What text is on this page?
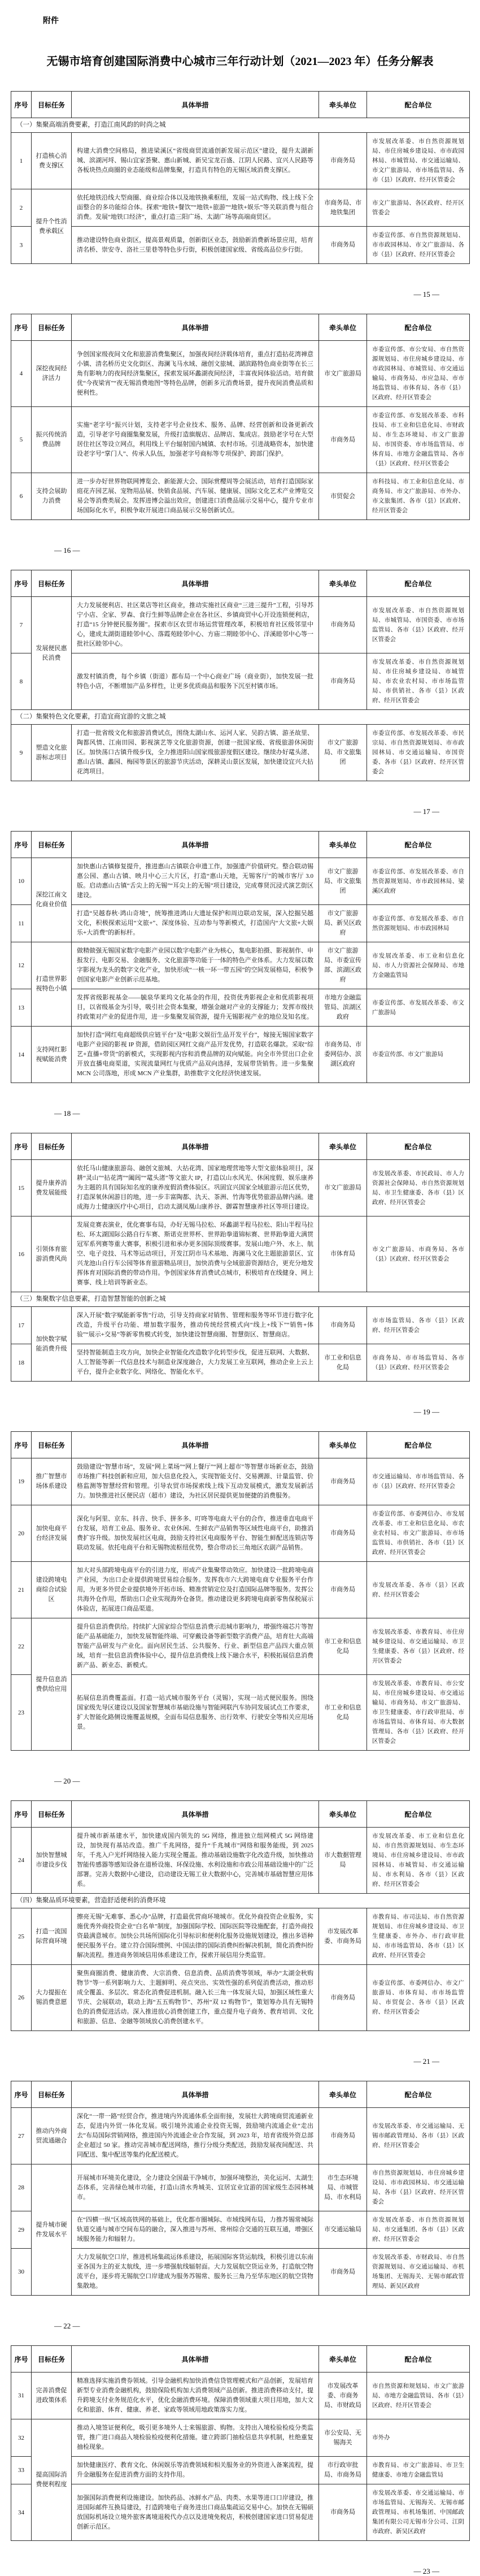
附件
无锡市培育创建国际消费中心城市三年行动计划（2021—2023 年）任务分解表
序号	目标任务	具体举措	牵头单位	配合单位
（一）集聚高端消费要素，打造江南风韵的时尚之城				
1	打造核心消费支撑区	构建大消费空间格局，推进梁溪区“省级商贸流通创新发展示范区”建设，提升太湖新城、滨湖河埒、锡山宜家荟聚、惠山新城、新吴宝龙百盛、江阴人民路、宜兴人民路等各板块热点商圈的业态能级和品牌集聚，打造具有特色的无锡区域消费支撑区。	市商务局	市发展改革委、市自然资源规划局、市住房城乡建设局、市市政园林局、市城管局、市交通运输局、市文广旅游局、市市场监管局、各市（县）区政府、经开区管委会
2	提升个性消费承载区	依托地铁沿线大型商圈、商业综合体以及地铁换乘枢纽，发展一站式购物、线上线下全面整合的多功能综合体。探索“地铁+餐饮”“地铁+旅游”“地铁+娱乐”等关联消费与组合消费。发展“地铁口经济”，重点打造三阳广场、太湖广场等高端商贸区。	市商务局、市地铁集团	市文广旅游局、各区政府、经开区管委会
3		推动建设特色商业街区，提高景观质量，创新街区业态，鼓励新消费新场景应用，培育清名桥、崇安寺、洛社三里巷等特色步行街，积极创建国家级、省级高品位步行街。	市商务局	市委宣传部、市自然资源规划局、市市政园林局、市文广旅游局、各市（县）区政府、经开区管委会
— 15 —
序号	目标任务	具体举措	牵头单位	配合单位
4	深挖夜间经济活力	争创国家级夜间文化和旅游消费集聚区，加强夜间经济载体培育，重点打造拈花湾禅意小镇、清名桥历史文化街区、海澜飞马水域、融创文旅城、湖滨路特色商业街等在长三角有影响力的夜间经济集聚区，探索发展环蠡湖夜间经济，丰富夜间体验活动。培育做优“今夜梁宵”“夜无锡消费地图”等特色品牌，创新多元消费场景，提升夜间消费品质和便利性。	市文广旅游局	市委宣传部、市公安局、市自然资源规划局、市住房城乡建设局、市市政园林局、市城管局、市交通运输局、市商务局、市应急局、市市场监管局、市体育局、各市（县）区政府、经开区管委会
5	振兴传统消费品牌	实施“老字号”振兴计划，支持老字号企业技术、服务、品牌、经营创新和设备更新改造，引导老字号商圈集聚发展，升级打造旗舰店、品牌店、集成店。鼓励老字号在大型居住社区等设立网点，利用线上平台辐射国内城镇、农村市场。引进战略资本，加快建设老字号“掌门人”、传承人队伍，加强老字号商标等专项保护、跨部门保护。	市商务局	市委宣传部、市发展改革委、市科技局、市工业和信息化局、市财政局、市生态环境局、市文广旅游局、市国资委、市市场监管局、市体育局、市地方金融监管局、各市（县）区政府、经开区管委会
6	支持会展助力消费	进一步办好世界物联网博览会、新能源大会、国际赏樱周等会展活动，培育打造国际家庭花卉园艺展、宠物用品展、快销食品展、汽车展、健康展、国际文化艺术产业博览交易会等消费类展会。发挥进博会溢出效应，创建进口消费品展示交易中心，提升专业市场国际化水平，积极争取开展进口商品展示交易创新试点。	市贸促会	市科技局、市工业和信息化局、市商务局、市文广旅游局、市外办、市文旅集团、各市（县）区政府、经开区管委会
— 16 —
序号	目标任务	具体举措	牵头单位	配合单位
7	发展便民惠民消费	大力发展便利店、社区菜店等社区商业，推动实施社区商业“三进三提升”工程，引导苏宁小店、全家、罗森、食行生鲜等品牌企业在各社区、乡镇商贸中心开设连锁便利店，打造“15 分钟便民服务圈”。探索市区农贸市场运营管理改革，积极培育社区级邻里中心，建成太湖街道睦邻中心、落霞苑睦邻中心、方庙二期睦邻中心、洋溪睦邻中心等一批社区睦邻中心。	市商务局	市发展改革委、市自然资源规划局、市城管局、市国资委、市市场监管局、各市（县）区政府、经开区管委会
8		激发村镇消费，每个乡镇（街道）都布局一个中心商业广场（商业街），加快发展一批特色小店，不断增加产品多样性，让更多优质商品和服务下沉至村镇市场。	市商务局	市发展改革委、市自然资源规划局、市住房城乡建设局、市城管局、市农业农村局、市市场监管局、市供销社、各市（县）区政府、经开区管委会
（二）集聚特色文化要素，打造宜商宜游的文旅之城				
9	塑造文化旅游标志项目	打造一批省级文化和旅游消费试点，围绕太湖山水、运河人家、吴韵古镇、游圣故里、陶都风情、江南田园、影视演艺等文化旅游资源，创建一批国家级、省级旅游休闲街区。加快荡口古镇升级步伐，全力推进阳山国家级旅游度假区建设。继续办好鼋头渚、惠山古镇、蠡园、梅园等景区的旅游节庆活动，深耕灵山景区发展，加快建设宜兴大拈花湾项目。	市文广旅游局、市文旅集团	市委宣传部、市发展改革委、市民宗局、市自然资源规划局、市市政园林局、市交通运输局、市国资委、各市（县）区政府、经开区管委会
— 17 —
序号	目标任务	具体举措	牵头单位	配合单位
10	深挖江南文化商业价值	加快惠山古镇修复提升，推进惠山古镇联合申遗工作，加强遗产价值研究。整合联动锡惠公园、惠山古镇、映月中心三大片区，打造“惠山天地，无锡客厅”的城市客厅 3.0 版。启动惠山古镇“舌尖上的无锡”“耳尖上的无锡”项目建设，完成尊贤沉浸式演艺街区建设。	市文广旅游局、市文旅集团	市委宣传部、市发展改革委、市自然资源规划局、市市政园林局、梁溪区政府
11		打造“吴越春秋·鸿山奇境”，统筹推进鸿山大遗址保护和周边联动发展，深入挖掘吴越文化，积极探索运用“文旅+”、深度体验、互动参与等新模式，打造国内“大文旅+大娱乐+大消费”的新标杆。	市文广旅游局、新吴区政府	市委宣传部、市发展改革委、市自然资源规划局、市市政园林局
12	打造世界影视特色小镇	做精做强无锡国家数字电影产业园以数字电影产业为核心，集电影拍摄、影视制作、申报发行、电影交易、金融服务、文化旅游等功能于一体的特色产业体系。大力发展以数字影视为龙头的数字文化产业，加快形成“一核一环一带五园”的空间发展格局，积极争创国家电影产业创新示范基地。	市文广旅游局、市委宣传部、滨湖区政府	市发展改革委、市工业和信息化局、市人力资源社会保障局、市地方金融监管局
13		发挥省级影视基金——毓泉华莱坞文化基金的作用，投资优秀影视企业和优质影视项目，以省级基金为引导，吸引社会资本集聚，增强金融对产业的支撑能力；发挥市级扶持政策对产业的促进作用，进一步集聚发展资源，提升无锡影视产业的地位及知名度。	市地方金融监管局、滨湖区政府	市委宣传部、市发展改革委、市文广旅游局
14	支持网红影视赋能消费	加快打造“网红电商超级供应链平台”及“电影文娱衍生品开发平台”，嫁接无锡国家数字电影产业园的影视 IP 资源，借助园区网红文商产品开发优势，打造联名爆款。采取“综艺+直播+带货”的新模式，实现影视内容和消费品牌的双向赋能。向全市外贸出口企业开放直播电商渠道，实现流量网红与优质产品双向选择，发展带货销售。进一步集聚 MCN 公司落地，形成 MCN 产业集群，助推数字文化经济快速发展。	市商务局、市委网信办、滨湖区政府	市委宣传部、市文广旅游局
— 18 —
序号	目标任务	具体举措	牵头单位	配合单位
15	提升康养消费发展能级	依托马山健康旅游岛、融创文旅城、大拈花湾、国家地理营地等大型文旅体验项目，深耕“灵山”“拈花湾”“阖闾”“鼋头渚”等文旅大 IP，打造以山水风光、休闲度假、娱乐康养为主题的具有国际知名度的康养度假消费体验区。巩固宜兴国家全域旅游示范区优势，打造深氧休闲游目的地，进一步丰富陶都、氿天、茶洲、竹海等优势旅游品牌内涵。建成海力士健康医疗中心项目，启动太湖凤凰山康养谷、御霖智慧康养社区等项目建设。	市文广旅游局	市发展改革委、市民政局、市人力资源社会保障局、市自然资源规划局、市卫生健康委、各市（县）区政府、经开区管委会
16	引领体育旅游消费风尚	发展竞赛表演业，优化赛事布局，办好无锡马拉松、环蠡湖半程马拉松、阳山半程马拉松、环太湖国际公路自行车赛、斯诺克世界杯、世界跆拳道锦标赛、世界跆拳道大满贯冠军系列赛等重大赛事，积极引进和承办更多国际顶级赛事。发展山地户外、水上、航空、电子竞技、马术等运动项目，开发江阴市马术基地、海澜马文化主题旅游景区、宜兴龙池山自行车公园等体育旅游精品项目，加快消费与全域旅游资源结合，更充分地发挥体育对国际消费的带动作用。争创国家体育消费试点城市，积极培育在线健身、网上赛事、线上培训等新业态。	市体育局	市文广旅游局、市商务局、各市（县）区政府、经开区管委会
（三）集聚数字信息要素，打造智慧智能的创新之城				
17	加快数字赋能消费升级	深入开展“数字赋能新零售”行动，引导支持商家对销售、管理和服务等环节进行数字化改造，升级平台功能、增加数字服务，推动传统经营模式向“线上+线下”“销售+体验”“展示+交易”等新零售模式转变，加快建设智慧商圈、智慧街区、智慧商店。	市商务局	市市场监管局、各市（县）区政府、经开区管委会
18		坚持智能制造主攻方向，加快企业智能化改造数字化转型步伐，促进互联网、大数据、人工智能等新一代信息技术与制造业深度融合，大力发展工业互联网，推动企业上云上平台，提升企业数字化、网络化、智能化水平。	市工业和信息化局	市商务局、市市场监管局、各市（县）区政府、经开区管委会
— 19 —
序号	目标任务	具体举措	牵头单位	配合单位
19	推广智慧市场体系建设	鼓励建设“智慧市场”，发展“网上菜场”“网上餐厅”“网上超市”等智慧市场新业态，鼓励市场推广科技创新和应用，加大信息化投入，实现智能支付、交易溯源、计量监管、价格监测等智慧经营和管理。引导农贸市场探索线上线下互动发展模式，激发发展新活力。加快推进社区便民店（超市）建设，为社区居民提供更加便捷的消费服务。	市商务局	市交通运输局、市市场监管局、各市（县）区政府、经开区管委会
20	加快电商平台经济发展	深化与阿里、京东、抖音、快手、拼多多、叮咚等电商大平台的合作，推进垂直电商平台发展，培育工业品、服务业、农业休闲、生鲜农产品销售等区域性电商平台，助推消费扩容升级。加快发展社区电商，鼓励支持社区电商服务平台、智能生鲜配送连锁店等联动发展。依托电商平台和无锡物流枢纽优势，整合带动长三角地区农副产品销售。	市商务局	市委宣传部、市委网信办、市发展改革委、市工业和信息化局、市农业农村局、市文广旅游局、市市场监管局、市供销社、各市（县）区政府、经开区管委会
21	建设跨境电商综合试验区	加大对头部跨境电商平台的引进力度，形成产业集聚带动效应。加快建设一批跨境电商产业园，为出口企业提供跨境贸易综合服务。发挥我市六大跨境电商专业服务平台作用，为更多外贸企业提供境外开拓市场、精准营销定位及打造国际品牌等服务。发挥公共海外仓作用，帮助出口企业实现海外仓备货。推动建设更多跨境电商新零售保税展示体验店，拓展进口商品渠道。	市商务局	市发展改革委、各市（县）区政府、经开区管委会
22	提升信息消费供给应用	提升信息消费供给。持续扩大国家综合型信息消费示范城市影响力，增强终端芯片等智能产品基础能力，加快发展智能终端、可穿戴设备等新型数字消费产品，培育壮大高端智能产品研发与产业化。面向居民生活、公共服务、行业、新型信息产品四大重点领域，培育一批信息消费体验中心，提升信息消费线上线下融合水平，积极拓展信息消费新产品、新业态、新模式。	市工业和信息化局	市发展改革委、市教育局、市住房城乡建设局、市交通运输局、市卫生健康委、各市（县）区政府、经开区管委会
23		拓展信息消费覆盖面。打造一站式城市服务平台（灵锡），实现一站式便民服务。围绕国家级先导区建设以及国家智慧城市基础设施与智能网联汽车协同发展试点工作要求，扩大智能化路侧设施覆盖规模，全面布局信息服务、出行效率、行驶安全等相关应用场景。	市工业和信息化局	市发展改革委、市教育局、市公安局、市住房城乡建设局、市交通运输局、市商务局、市文广旅游局、市卫生健康委、市行政审批局、市市场监管局、市体育局、市大数据管理局、各市（县）区政府、经开区管委会
— 20 —
序号	目标任务	具体举措	牵头单位	配合单位
24	加快智慧城市建设步伐	提升城市新基建水平，加快建成国内领先的 5G 网络，推进独立组网模式 5G 网络建设，加快现有基站改造。推广千兆网络，提升“千兆城市”网络和服务能级，到 2025 年，千兆入户光纤网络接入能力实现全覆盖。推动基础设施数字化改造升级，加快推动智能传感器等感知设备在道桥设施、环保设施、水利设施和市政公用基础设施中的广泛部署。完善大数据中心建设，启动建设无锡工业大数据中心，完善城市基础智慧应用体系。	市大数据管理局	市发展改革委、市工业和信息化局、市自然资源规划局、市生态环境局、市住房城乡建设局、市市政园林局、市城管局、市交通运输局、市水利局、各市（县）区政府、经开区管委会
（四）集聚品质环境要素，营造舒适便利的消费环境				
25	打造一流国际营商环境	擦亮无锡“无难事、悉心办”品牌，打造最优营商环境城市。优化外商投资企业服务，实施优秀外商投资企业“白名单”制度，加强国际学校、国际医院等设施配套，打造外商投资最满意城市。加快公共场所国际化引导标识和便利化服务设施规划建设，推出多语种便民服务平台。建立符合国际惯例、中国法律的国际消费纠纷解决机制，简化消费纠纷解决流程。推进商务领域信用体系建设工作，探索开展信用分类监管。	市发展改革委、市商务局	市教育局、市司法局、市自然资源规划局、市住房城乡建设局、市卫生健康委、市外办、市行政审批局、市市场监管局、各市（县）区政府、经开区管委会
26	大力提振在锡消费意愿	聚焦商圈消费、健康消费、大宗消费、信息消费、品质消费等领域，举办“太湖金秋购物节”等一系列影响力大、主题鲜明、亮点突出、实效性强的系列促消费活动，推动形成全覆盖、多层次、常态化消费促进机制。融入长三角一体发展大局，加强区域性重大节庆、会展联动，联动上海“五五购物节”、苏州“双 12 购物节”，策划筹办具有无锡特色的消费促进活动。深入推进放心消费创建工作，重点提升电子商务、教育培训、文化和旅游、信息、金融等领域放心消费创建水平。	市商务局	市委宣传部、市委网信办、市文广旅游局、市体育局、市市场监管局、市贸促会、各市（县）区政府、经开区管委会
— 21 —
序号	目标任务	具体举措	牵头单位	配合单位
27	推动内外商贸流通融合	深化“一带一路”经贸合作，推进境内外流通体系全面衔接，发展壮大跨境商贸流通新业态，促进内外贸一体化发展。吸引境外流通企业投资无锡，鼓励境内流通企业“走出去”布局国际营销网络，推进国内外流通企业合作发展，到 2023 年，培育省级外资总部企业超过 50 家。推动完善城市配送网络，推行分级分类配送，鼓励发展夜间配送、共同配送、集中配送等集约化配送模式。	市商务局	市发展改革委、市交通运输局、无锡市邮政管理局、各市（县）区政府、经开区管委会
28	提升城市硬件发展水平	开展城市环境美化建设，全力建设全国最干净城市，加强环境整治，美化运河、太湖生态体系，完善绿色城市功能，打造山清水秀城美、宜居宜业宜游的国家级生态园林城市。	市生态环境局、市城管局、市水利局	市自然资源规划局、市住房城乡建设局、市市政园林局、市交通运输局、各市（县）区政府、经开区管委会
29		在“四横一纵”区域高铁网的基础上，优化都市圈城际、市域线网布局，力推苏锡常城际轨道交通与城市空间布局的融合，深入推进与苏州、常州综合交通的互联互通，增强区域服务能力和辐射力。	市交通运输局	市发展改革委、市自然资源规划局、市交通集团、各市（县）区政府、经开区管委会
30		大力发展航空口岸，推进机场集疏运体系建设，拓展国际客货运航线，积极引进以东南亚各国为主的亚太航线，进一步增强航线辐射面。大力发展航空货运业务，打造航空物流平台，逐步将无锡航空口岸建成为服务苏锡常、服务长三角乃至华东地区的航空货物集散地。	市商务局	市发展改革委、市财政局、市自然资源规划局、市交通运输局、市机场集团、无锡海关、无锡市邮政管理局、新吴区政府
— 22 —
序号	目标任务	具体举措	牵头单位	配合单位
31	完善消费促进政策体系	精准选择实施消费券领域。引导金融机构加快消费信贷管理模式和产品创新，发展培育新型专业消费金融机构，鼓励保险机构加大消费领域产品创新。推进消费移动支付，提升跨境支付业务规范化水平，优化金融消费环境。保障消费领域重大项目用地，加大文化和旅游、体育、健康、养老、家政等领域用地政策落实力度。	市发展改革委、市商务局、市财政局	市自然资源和规划局、市文广旅游局、市地方金融监管局、各市（县）区政府、经开区管委会
32	提高国际消费便利程度	推动入境签证便利化，吸引更多境外人士来锡旅游、购物。支持出入境检验检疫分类监管，推广进口商品入境检验检疫便利化措施。建立跨部门抽检信息共享机制，杜绝重复抽检现象。	市公安局、无锡海关	市外办
33		加快健康医疗、教育文化、休闲娱乐等消费领域和相关服务业的外资进入备案流程，提升金融服务在促进消费方面的支持作用。	市行政审批局、市商务局	市教育局、市文广旅游局、市卫生健康委、市地方金融监管局
34		加强国际消费便利设施建设。加快药品、冰鲜水产品、肉类、水果等进口口岸建设，推进国际邮件互换局建设，打造跨境电子商务进出口商品集疏运交易中心。加快在无锡硕放国际机场设立境外旅客离境退税代办点以及进境免税店，积极创建国家进口贸易促进创新示范区。	市商务局	市发展改革委、市交通运输局、市市场监管局、无锡海关、无锡市邮政管理局、市机场集团、中国邮政集团有限公司无锡市分公司、江阴市政府、新吴区政府
— 23 —
